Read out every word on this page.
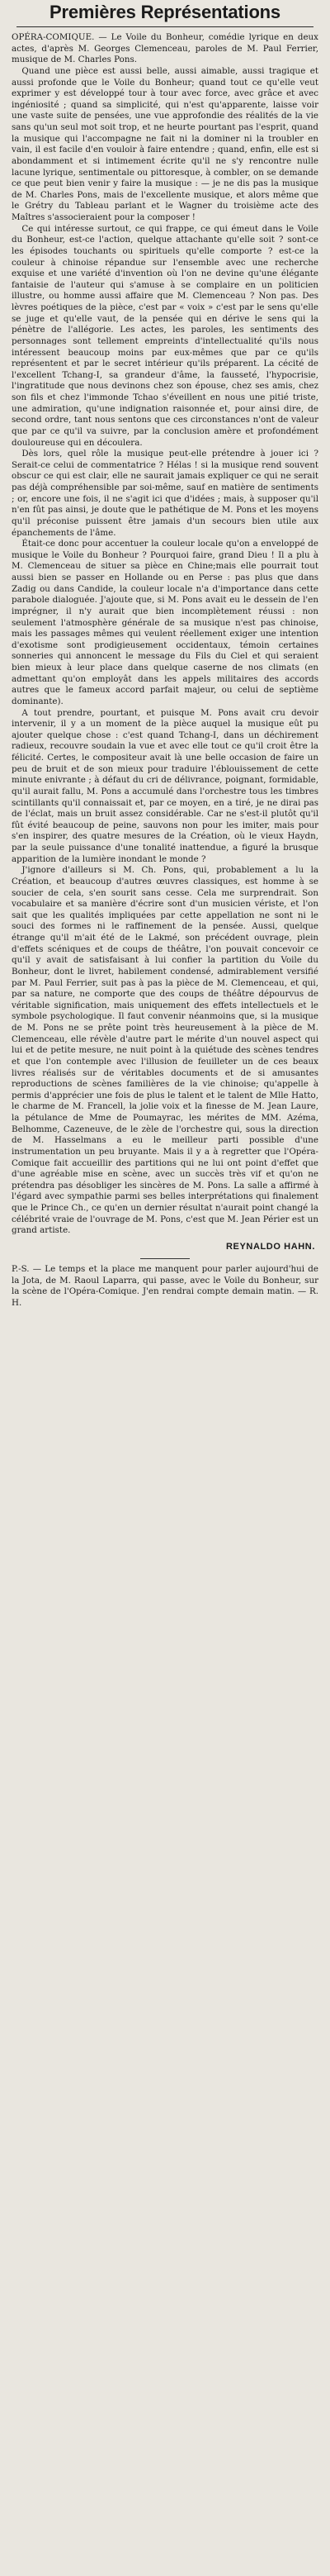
Premières Représentations

OPÉRA-COMIQUE. — Le Voile du Bonheur, comédie lyrique en deux actes, d'après M. Georges Clemenceau, paroles de M. Paul Ferrier, musique de M. Charles Pons.

Quand une pièce est aussi belle, aussi aimable, aussi tragique et aussi profonde que le Voile du Bonheur; quand tout ce qu'elle veut exprimer y est développé tour à tour avec force, avec grâce et avec ingéniosité ; quand sa simplicité, qui n'est qu'apparente, laisse voir une vaste suite de pensées, une vue approfondie des réalités de la vie sans qu'un seul mot soit trop, et ne heurte pourtant pas l'esprit, quand la musique qui l'accompagne ne fait ni la dominer ni la troubler en vain, il est facile d'en vouloir à faire entendre ; quand, enfin, elle est si abondamment et si intimement écrite qu'il ne s'y rencontre nulle lacune lyrique, sentimentale ou pittoresque, à combler, on se demande ce que peut bien venir y faire la musique : — je ne dis pas la musique de M. Charles Pons, mais de l'excellente musique, et alors même que le Grétry du Tableau parlant et le Wagner du troisième acte des Maîtres s'associeraient pour la composer !

Ce qui intéresse surtout, ce qui frappe, ce qui émeut dans le Voile du Bonheur, est-ce l'action, quelque attachante qu'elle soit ? sont-ce les épisodes touchants ou spirituels qu'elle comporte ? est-ce la couleur à chinoise répandue sur l'ensemble avec une recherche exquise et une variété d'invention où l'on ne devine qu'une élégante fantaisie de l'auteur qui s'amuse à se complaire en un politicien illustre, ou homme aussi affaire que M. Clemenceau ? Non pas. Des lèvres poétiques de la pièce, c'est par « voix » c'est par le sens qu'elle se juge et qu'elle vaut, de la pensée qui en dérive le sens qui la pénètre de l'allégorie. Les actes, les paroles, les sentiments des personnages sont tellement empreints d'intellectualité qu'ils nous intéressent beaucoup moins par eux-mêmes que par ce qu'ils représentent et par le secret intérieur qu'ils préparent. La cécité de l'excellent Tchang-I, sa grandeur d'âme, la fausseté, l'hypocrisie, l'ingratitude que nous devinons chez son épouse, chez ses amis, chez son fils et chez l'immonde Tchao s'éveillent en nous une pitié triste, une admiration, qu'une indignation raisonnée et, pour ainsi dire, de second ordre, tant nous sentons que ces circonstances n'ont de valeur que par ce qu'il va suivre, par la conclusion amère et profondément douloureuse qui en découlera.

Dès lors, quel rôle la musique peut-elle prétendre à jouer ici ? Serait-ce celui de commentatrice ? Hélas ! si la musique rend souvent obscur ce qui est clair, elle ne saurait jamais expliquer ce qui ne serait pas déjà compréhensible par soi-même, sauf en matière de sentiments ; or, encore une fois, il ne s'agit ici que d'idées ; mais, à supposer qu'il n'en fût pas ainsi, je doute que le pathétique de M. Pons et les moyens qu'il préconise puissent être jamais d'un secours bien utile aux épanchements de l'âme.

Était-ce donc pour accentuer la couleur locale qu'on a enveloppé de musique le Voile du Bonheur ? Pourquoi faire, grand Dieu ! Il a plu à M. Clemenceau de situer sa pièce en Chine;mais elle pourrait tout aussi bien se passer en Hollande ou en Perse : pas plus que dans Zadig ou dans Candide, la couleur locale n'a d'importance dans cette parabole dialoguée. J'ajoute que, si M. Pons avait eu le dessein de l'en imprégner, il n'y aurait que bien incomplètement réussi : non seulement l'atmosphère générale de sa musique n'est pas chinoise, mais les passages mêmes qui veulent réellement exiger une intention d'exotisme sont prodigieusement occidentaux, témoin certaines sonneries qui annoncent le message du Fils du Ciel et qui seraient bien mieux à leur place dans quelque caserne de nos climats (en admettant qu'on employât dans les appels militaires des accords autres que le fameux accord parfait majeur, ou celui de septième dominante).

A tout prendre, pourtant, et puisque M. Pons avait cru devoir intervenir, il y a un moment de la pièce auquel la musique eût pu ajouter quelque chose : c'est quand Tchang-I, dans un déchirement radieux, recouvre soudain la vue et avec elle tout ce qu'il croit être la félicité. Certes, le compositeur avait là une belle occasion de faire un peu de bruit et de son mieux pour traduire l'éblouissement de cette minute enivrante ; à défaut du cri de délivrance, poignant, formidable, qu'il aurait fallu, M. Pons a accumulé dans l'orchestre tous les timbres scintillants qu'il connaissait et, par ce moyen, en a tiré, je ne dirai pas de l'éclat, mais un bruit assez considérable. Car ne s'est-il plutôt qu'il fût évité beaucoup de peine, sauvons non pour les imiter, mais pour s'en inspirer, des quatre mesures de la Création, où le vieux Haydn, par la seule puissance d'une tonalité inattendue, a figuré la brusque apparition de la lumière inondant le monde ?

J'ignore d'ailleurs si M. Ch. Pons, qui, probablement a lu la Création, et beaucoup d'autres œuvres classiques, est homme à se soucier de cela, s'en sourit sans cesse. Cela me surprendrait. Son vocabulaire et sa manière d'écrire sont d'un musicien vériste, et l'on sait que les qualités impliquées par cette appellation ne sont ni le souci des formes ni le raffinement de la pensée. Aussi, quelque étrange qu'il m'ait été de le Lakmé, son précédent ouvrage, plein d'effets scéniques et de coups de théâtre, l'on pouvait concevoir ce qu'il y avait de satisfaisant à lui confier la partition du Voile du Bonheur, dont le livret, habilement condensé, admirablement versifié par M. Paul Ferrier, suit pas à pas la pièce de M. Clemenceau, et qui, par sa nature, ne comporte que des coups de théâtre dépourvus de véritable signification, mais uniquement des effets intellectuels et le symbole psychologique. Il faut convenir néanmoins que, si la musique de M. Pons ne se prête point très heureusement à la pièce de M. Clemenceau, elle révèle d'autre part le mérite d'un nouvel aspect qui lui et de petite mesure, ne nuit point à la quiétude des scènes tendres et que l'on contemple avec l'illusion de feuilleter un de ces beaux livres réalisés sur de véritables documents et de si amusantes reproductions de scènes familières de la vie chinoise; qu'appelle à permis d'apprécier une fois de plus le talent et le talent de Mlle Hatto, le charme de M. Francell, la jolie voix et la finesse de M. Jean Laure, la pétulance de Mme de Poumayrac, les mérites de MM. Azéma, Belhomme, Cazeneuve, de le zèle de l'orchestre qui, sous la direction de M. Hasselmans a eu le meilleur parti possible d'une instrumentation un peu bruyante. Mais il y a à regretter que l'Opéra-Comique fait accueillir des partitions qui ne lui ont point d'effet que d'une agréable mise en scène, avec un succès très vif et qu'on ne prétendra pas désobliger les sincères de M. Pons. La salle a affirmé à l'égard avec sympathie parmi ses belles interprétations qui finalement que le Prince Ch., ce qu'en un dernier résultat n'aurait point changé la célébrité vraie de l'ouvrage de M. Pons, c'est que M. Jean Périer est un grand artiste.

REYNALDO HAHN.

P.-S. — Le temps et la place me manquent pour parler aujourd'hui de la Jota, de M. Raoul Laparra, qui passe, avec le Voile du Bonheur, sur la scène de l'Opéra-Comique. J'en rendrai compte demain matin. — R. H.
